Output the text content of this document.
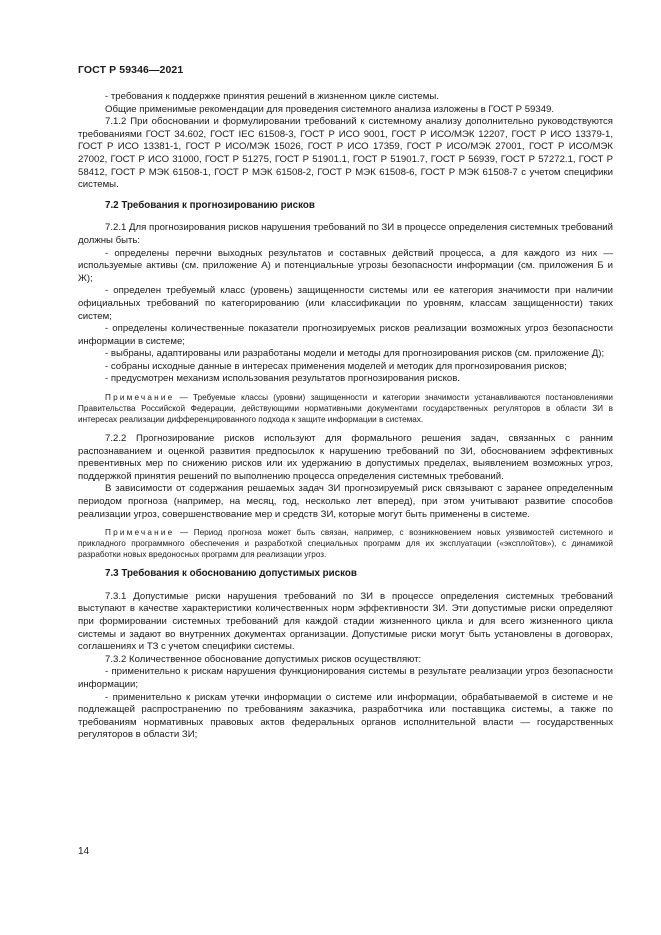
ГОСТ Р 59346—2021

- требования к поддержке принятия решений в жизненном цикле системы.

Общие применимые рекомендации для проведения системного анализа изложены в ГОСТ Р 59349.

7.1.2 При обосновании и формулировании требований к системному анализу дополнительно руководствуются требованиями ГОСТ 34.602, ГОСТ IEC 61508-3, ГОСТ Р ИСО 9001, ГОСТ Р ИСО/МЭК 12207, ГОСТ Р ИСО 13379-1, ГОСТ Р ИСО 13381-1, ГОСТ Р ИСО/МЭК 15026, ГОСТ Р ИСО 17359, ГОСТ Р ИСО/МЭК 27001, ГОСТ Р ИСО/МЭК 27002, ГОСТ Р ИСО 31000, ГОСТ Р 51275, ГОСТ Р 51901.1, ГОСТ Р 51901.7, ГОСТ Р 56939, ГОСТ Р 57272.1, ГОСТ Р 58412, ГОСТ Р МЭК 61508-1, ГОСТ Р МЭК 61508-2, ГОСТ Р МЭК 61508-6, ГОСТ Р МЭК 61508-7 с учетом специфики системы.

7.2 Требования к прогнозированию рисков

7.2.1 Для прогнозирования рисков нарушения требований по ЗИ в процессе определения системных требований должны быть:

- определены перечни выходных результатов и составных действий процесса, а для каждого из них — используемые активы (см. приложение А) и потенциальные угрозы безопасности информации (см. приложения Б и Ж);

- определен требуемый класс (уровень) защищенности системы или ее категория значимости при наличии официальных требований по категорированию (или классификации по уровням, классам защищенности) таких систем;

- определены количественные показатели прогнозируемых рисков реализации возможных угроз безопасности информации в системе;

- выбраны, адаптированы или разработаны модели и методы для прогнозирования рисков (см. приложение Д);

- собраны исходные данные в интересах применения моделей и методик для прогнозирования рисков;

- предусмотрен механизм использования результатов прогнозирования рисков.

Примечание — Требуемые классы (уровни) защищенности и категории значимости устанавливаются постановлениями Правительства Российской Федерации, действующими нормативными документами государственных регуляторов в области ЗИ в интересах реализации дифференцированного подхода к защите информации в системах.

7.2.2 Прогнозирование рисков используют для формального решения задач, связанных с ранним распознаванием и оценкой развития предпосылок к нарушению требований по ЗИ, обоснованием эффективных превентивных мер по снижению рисков или их удержанию в допустимых пределах, выявлением возможных угроз, поддержкой принятия решений по выполнению процесса определения системных требований.

В зависимости от содержания решаемых задач ЗИ прогнозируемый риск связывают с заранее определенным периодом прогноза (например, на месяц, год, несколько лет вперед), при этом учитывают развитие способов реализации угроз, совершенствование мер и средств ЗИ, которые могут быть применены в системе.

Примечание — Период прогноза может быть связан, например, с возникновением новых уязвимостей системного и прикладного программного обеспечения и разработкой специальных программ для их эксплуатации («эксплойтов»), с динамикой разработки новых вредоносных программ для реализации угроз.

7.3 Требования к обоснованию допустимых рисков

7.3.1 Допустимые риски нарушения требований по ЗИ в процессе определения системных требований выступают в качестве характеристики количественных норм эффективности ЗИ. Эти допустимые риски определяют при формировании системных требований для каждой стадии жизненного цикла и для всего жизненного цикла системы и задают во внутренних документах организации. Допустимые риски могут быть установлены в договорах, соглашениях и ТЗ с учетом специфики системы.

7.3.2 Количественное обоснование допустимых рисков осуществляют:

- применительно к рискам нарушения функционирования системы в результате реализации угроз безопасности информации;

- применительно к рискам утечки информации о системе или информации, обрабатываемой в системе и не подлежащей распространению по требованиям заказчика, разработчика или поставщика системы, а также по требованиям нормативных правовых актов федеральных органов исполнительной власти — государственных регуляторов в области ЗИ;

14
